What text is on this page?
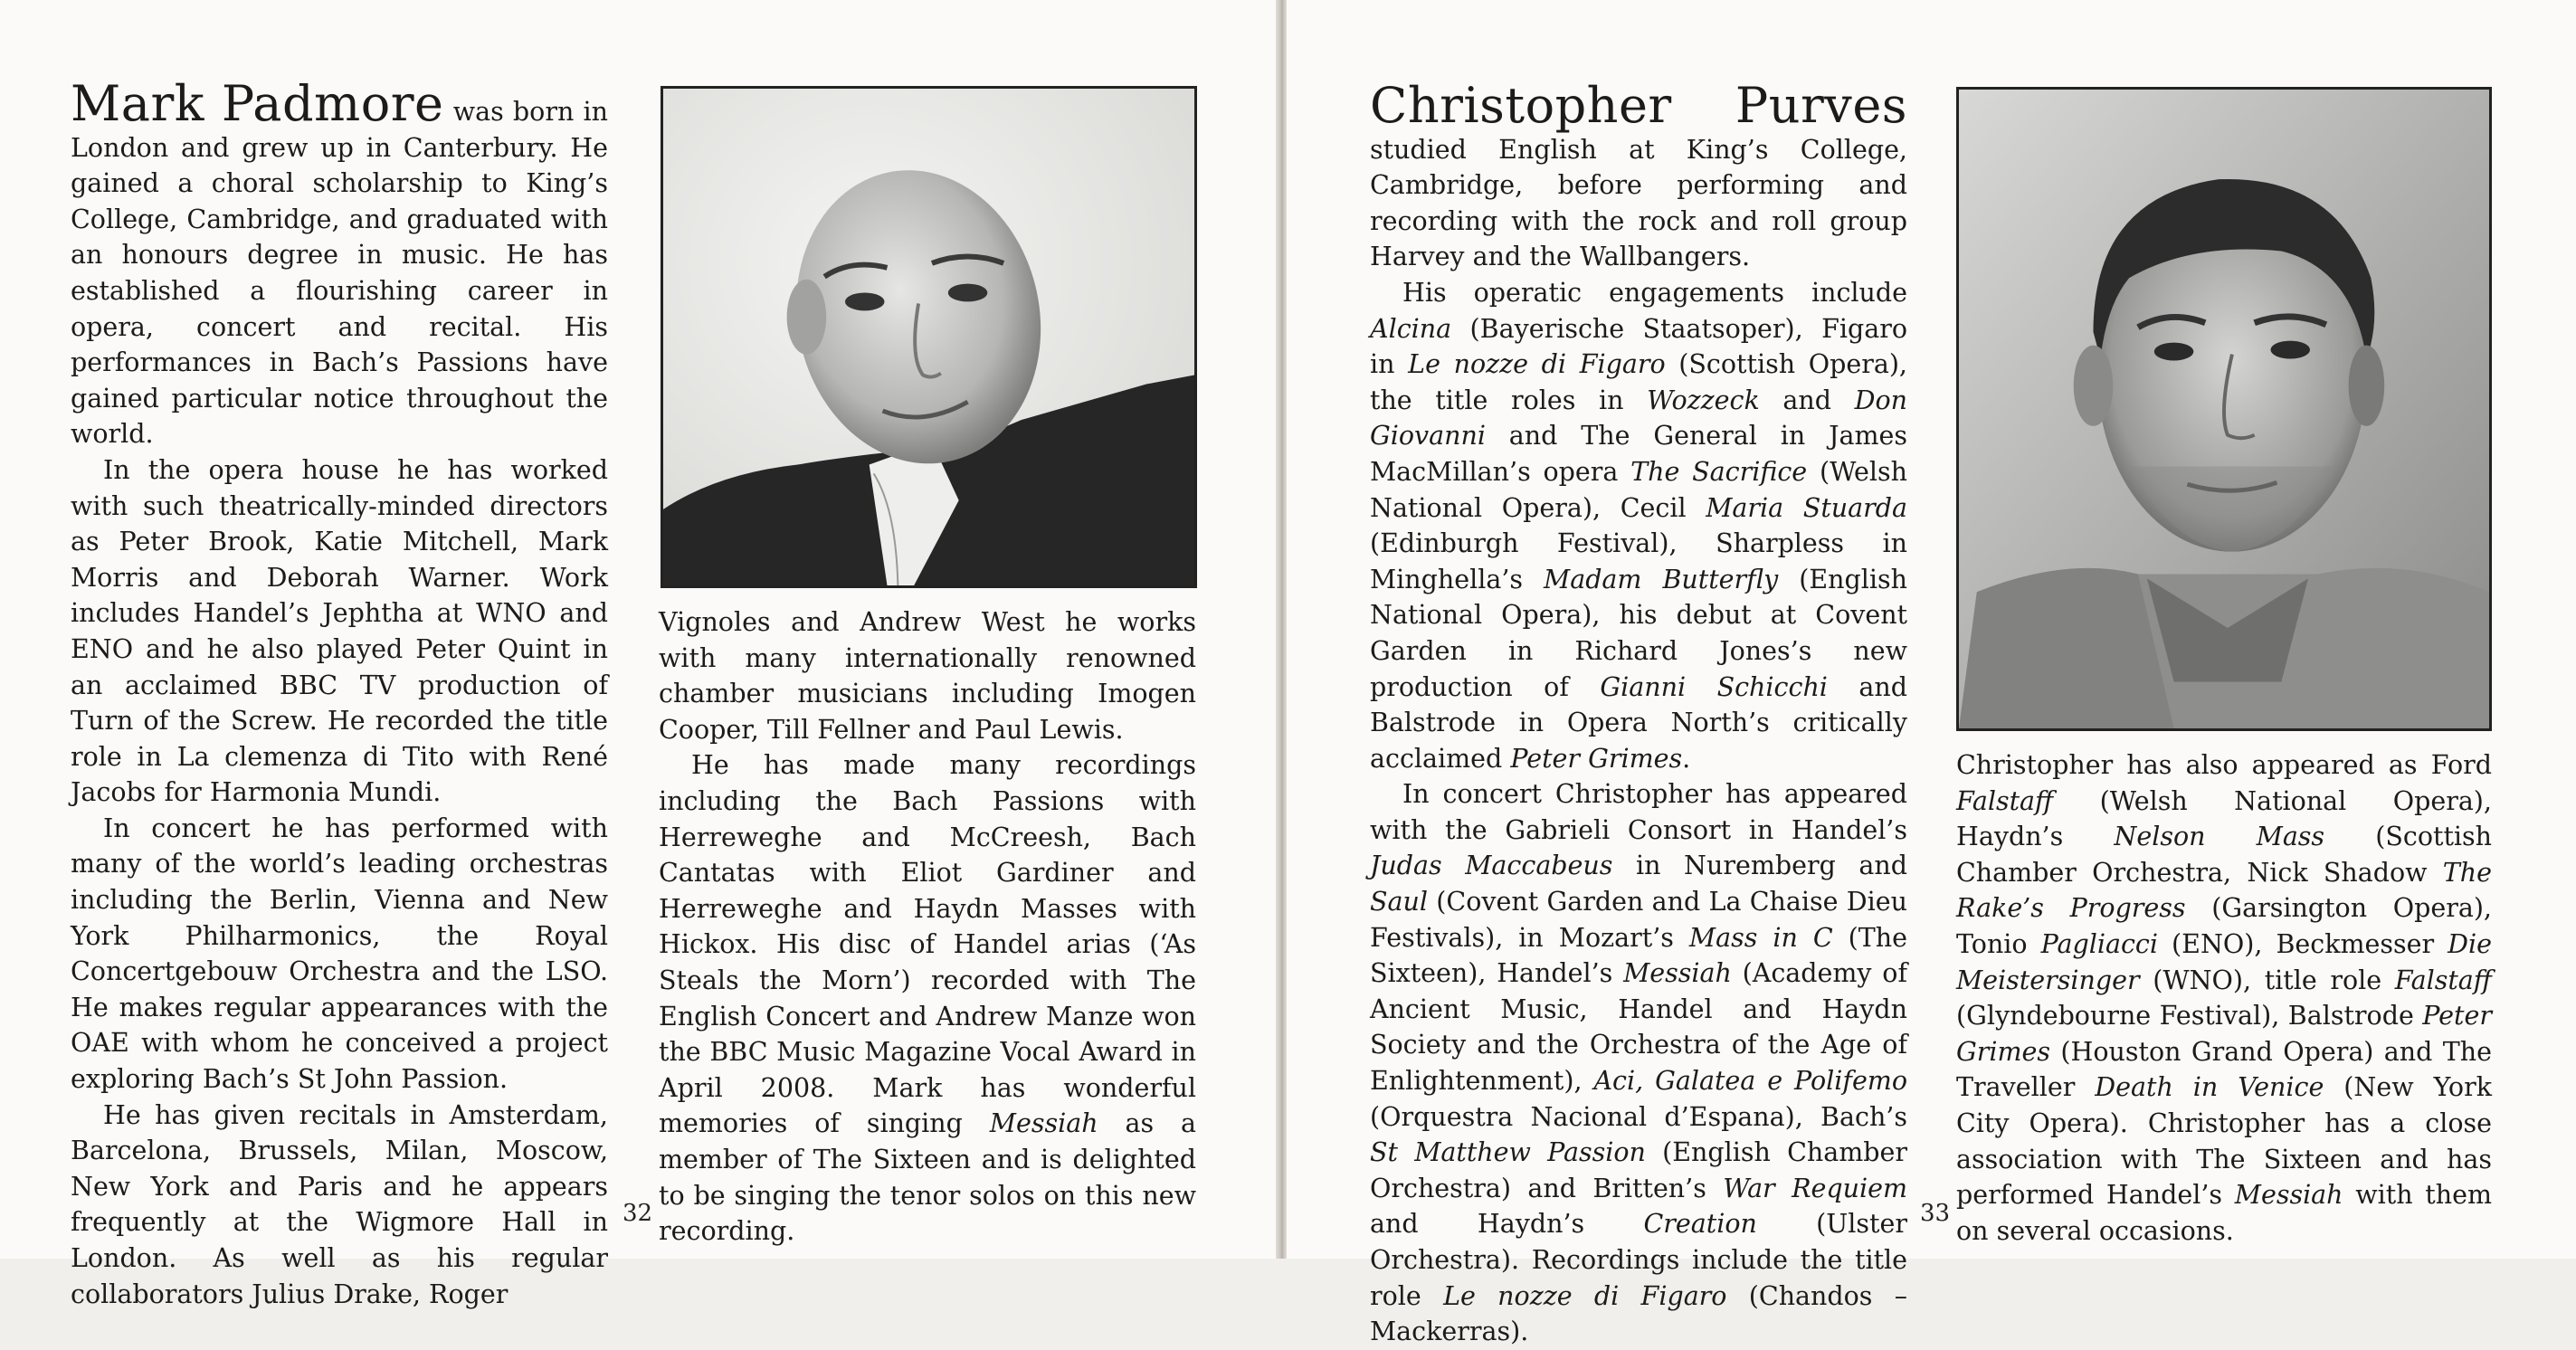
Mark Padmore was born in London and grew up in Canterbury. He gained a choral scholarship to King’s College, Cambridge, and graduated with an honours degree in music. He has established a flourishing career in opera, concert and recital. His performances in Bach’s Passions have gained particular notice throughout the world.

In the opera house he has worked with such theatrically-minded directors as Peter Brook, Katie Mitchell, Mark Morris and Deborah Warner. Work includes Handel’s Jephtha at WNO and ENO and he also played Peter Quint in an acclaimed BBC TV production of Turn of the Screw. He recorded the title role in La clemenza di Tito with René Jacobs for Harmonia Mundi.

In concert he has performed with many of the world’s leading orchestras including the Berlin, Vienna and New York Philharmonics, the Royal Concertgebouw Orchestra and the LSO. He makes regular appearances with the OAE with whom he conceived a project exploring Bach’s St John Passion.

He has given recitals in Amsterdam, Barcelona, Brussels, Milan, Moscow, New York and Paris and he appears frequently at the Wigmore Hall in London. As well as his regular collaborators Julius Drake, Roger

Vignoles and Andrew West he works with many internationally renowned chamber musicians including Imogen Cooper, Till Fellner and Paul Lewis.

He has made many recordings including the Bach Passions with Herreweghe and McCreesh, Bach Cantatas with Eliot Gardiner and Herreweghe and Haydn Masses with Hickox. His disc of Handel arias (‘As Steals the Morn’) recorded with The English Concert and Andrew Manze won the BBC Music Magazine Vocal Award in April 2008. Mark has wonderful memories of singing Messiah as a member of The Sixteen and is delighted to be singing the tenor solos on this new recording.

32

Christopher Purves studied English at King’s College, Cambridge, before performing and recording with the rock and roll group Harvey and the Wallbangers.

His operatic engagements include Alcina (Bayerische Staatsoper), Figaro in Le nozze di Figaro (Scottish Opera), the title roles in Wozzeck and Don Giovanni and The General in James MacMillan’s opera The Sacrifice (Welsh National Opera), Cecil Maria Stuarda (Edinburgh Festival), Sharpless in Minghella’s Madam Butterfly (English National Opera), his debut at Covent Garden in Richard Jones’s new production of Gianni Schicchi and Balstrode in Opera North’s critically acclaimed Peter Grimes.

In concert Christopher has appeared with the Gabrieli Consort in Handel’s Judas Maccabeus in Nuremberg and Saul (Covent Garden and La Chaise Dieu Festivals), in Mozart’s Mass in C (The Sixteen), Handel’s Messiah (Academy of Ancient Music, Handel and Haydn Society and the Orchestra of the Age of Enlightenment), Aci, Galatea e Polifemo (Orquestra Nacional d’Espana), Bach’s St Matthew Passion (English Chamber Orchestra) and Britten’s War Requiem and Haydn’s Creation (Ulster Orchestra). Recordings include the title role Le nozze di Figaro (Chandos – Mackerras).

Christopher has also appeared as Ford Falstaff (Welsh National Opera), Haydn’s Nelson Mass (Scottish Chamber Orchestra, Nick Shadow The Rake’s Progress (Garsington Opera), Tonio Pagliacci (ENO), Beckmesser Die Meistersinger (WNO), title role Falstaff (Glyndebourne Festival), Balstrode Peter Grimes (Houston Grand Opera) and The Traveller Death in Venice (New York City Opera). Christopher has a close association with The Sixteen and has performed Handel’s Messiah with them on several occasions.

33
